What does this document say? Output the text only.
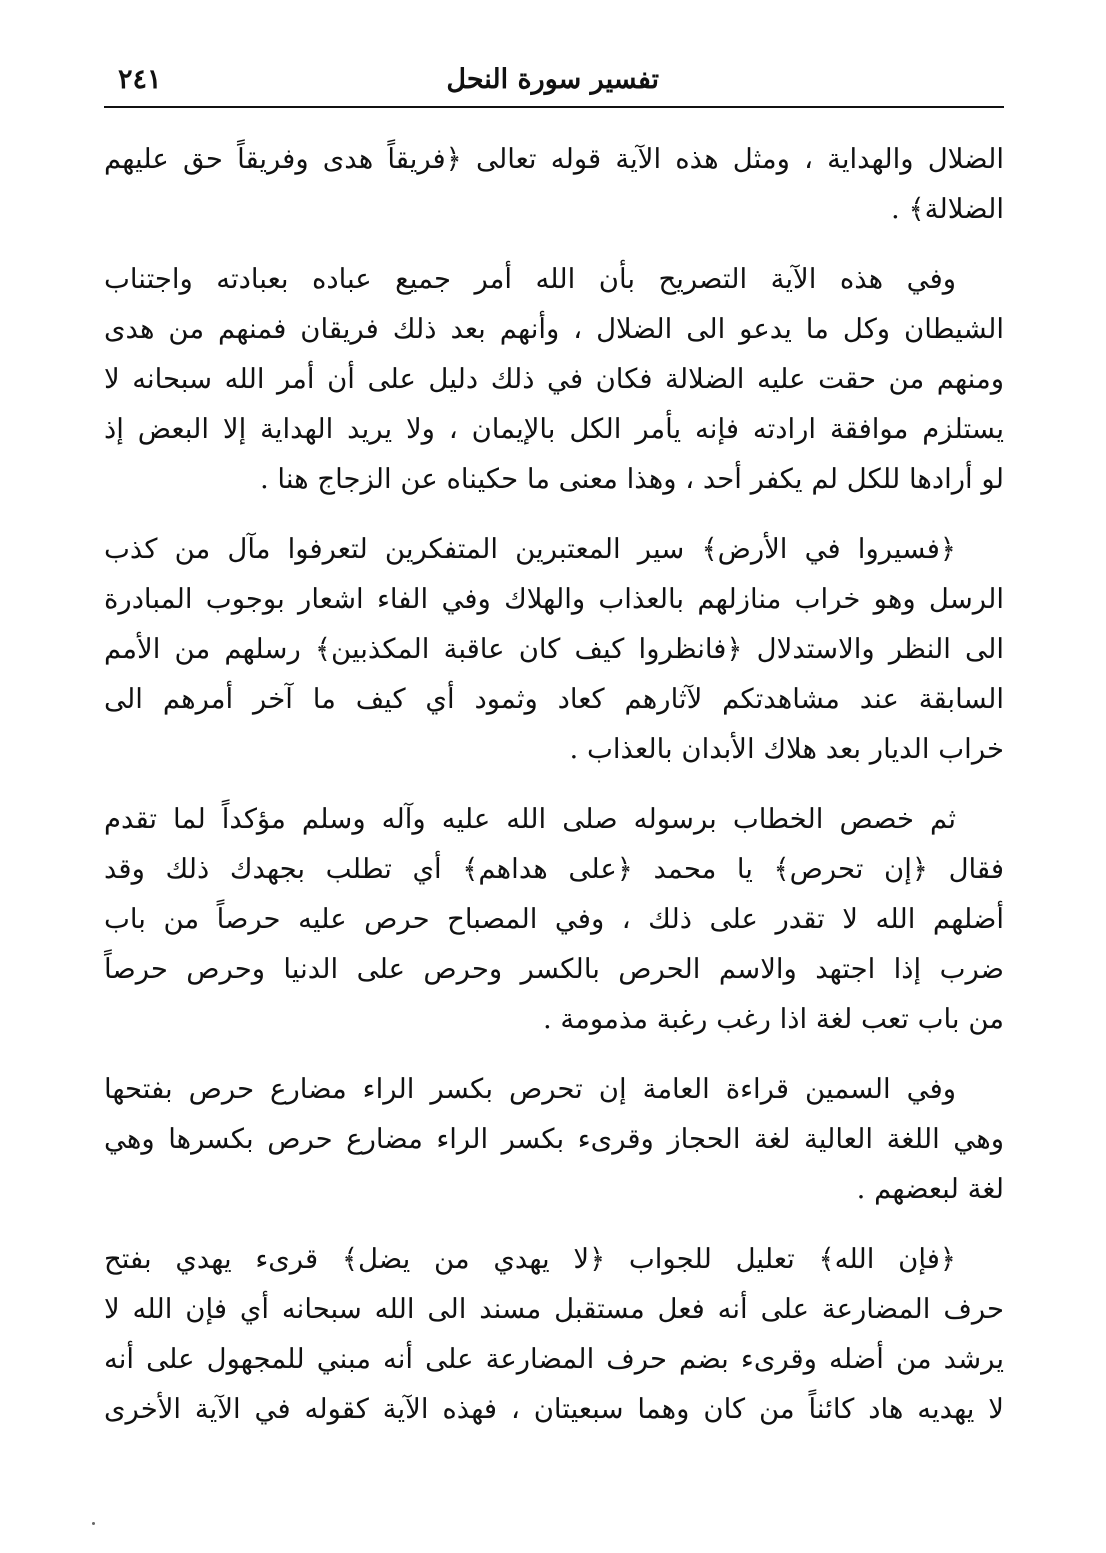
تفسير سورة النحل
٢٤١
الضلال والهداية ، ومثل هذه الآية قوله تعالى ﴿فريقاً هدى وفريقاً حق عليهم
الضلالة﴾ .
وفي هذه الآية التصريح بأن الله أمر جميع عباده بعبادته واجتناب
الشيطان وكل ما يدعو الى الضلال ، وأنهم بعد ذلك فريقان فمنهم من هدى
ومنهم من حقت عليه الضلالة فكان في ذلك دليل على أن أمر الله سبحانه لا
يستلزم موافقة ارادته فإنه يأمر الكل بالإيمان ، ولا يريد الهداية إلا البعض إذ
لو أرادها للكل لم يكفر أحد ، وهذا معنى ما حكيناه عن الزجاج هنا .
﴿فسيروا في الأرض﴾ سير المعتبرين المتفكرين لتعرفوا مآل من كذب
الرسل وهو خراب منازلهم بالعذاب والهلاك وفي الفاء اشعار بوجوب المبادرة
الى النظر والاستدلال ﴿فانظروا كيف كان عاقبة المكذبين﴾ رسلهم من الأمم
السابقة عند مشاهدتكم لآثارهم كعاد وثمود أي كيف ما آخر أمرهم الى
خراب الديار بعد هلاك الأبدان بالعذاب .
ثم خصص الخطاب برسوله صلى الله عليه وآله وسلم مؤكداً لما تقدم
فقال ﴿إن تحرص﴾ يا محمد ﴿على هداهم﴾ أي تطلب بجهدك ذلك وقد
أضلهم الله لا تقدر على ذلك ، وفي المصباح حرص عليه حرصاً من باب
ضرب إذا اجتهد والاسم الحرص بالكسر وحرص على الدنيا وحرص حرصاً
من باب تعب لغة اذا رغب رغبة مذمومة .
وفي السمين قراءة العامة إن تحرص بكسر الراء مضارع حرص بفتحها
وهي اللغة العالية لغة الحجاز وقرىء بكسر الراء مضارع حرص بكسرها وهي
لغة لبعضهم .
﴿فإن الله﴾ تعليل للجواب ﴿لا يهدي من يضل﴾ قرىء يهدي بفتح
حرف المضارعة على أنه فعل مستقبل مسند الى الله سبحانه أي فإن الله لا
يرشد من أضله وقرىء بضم حرف المضارعة على أنه مبني للمجهول على أنه
لا يهديه هاد كائناً من كان وهما سبعيتان ، فهذه الآية كقوله في الآية الأخرى
